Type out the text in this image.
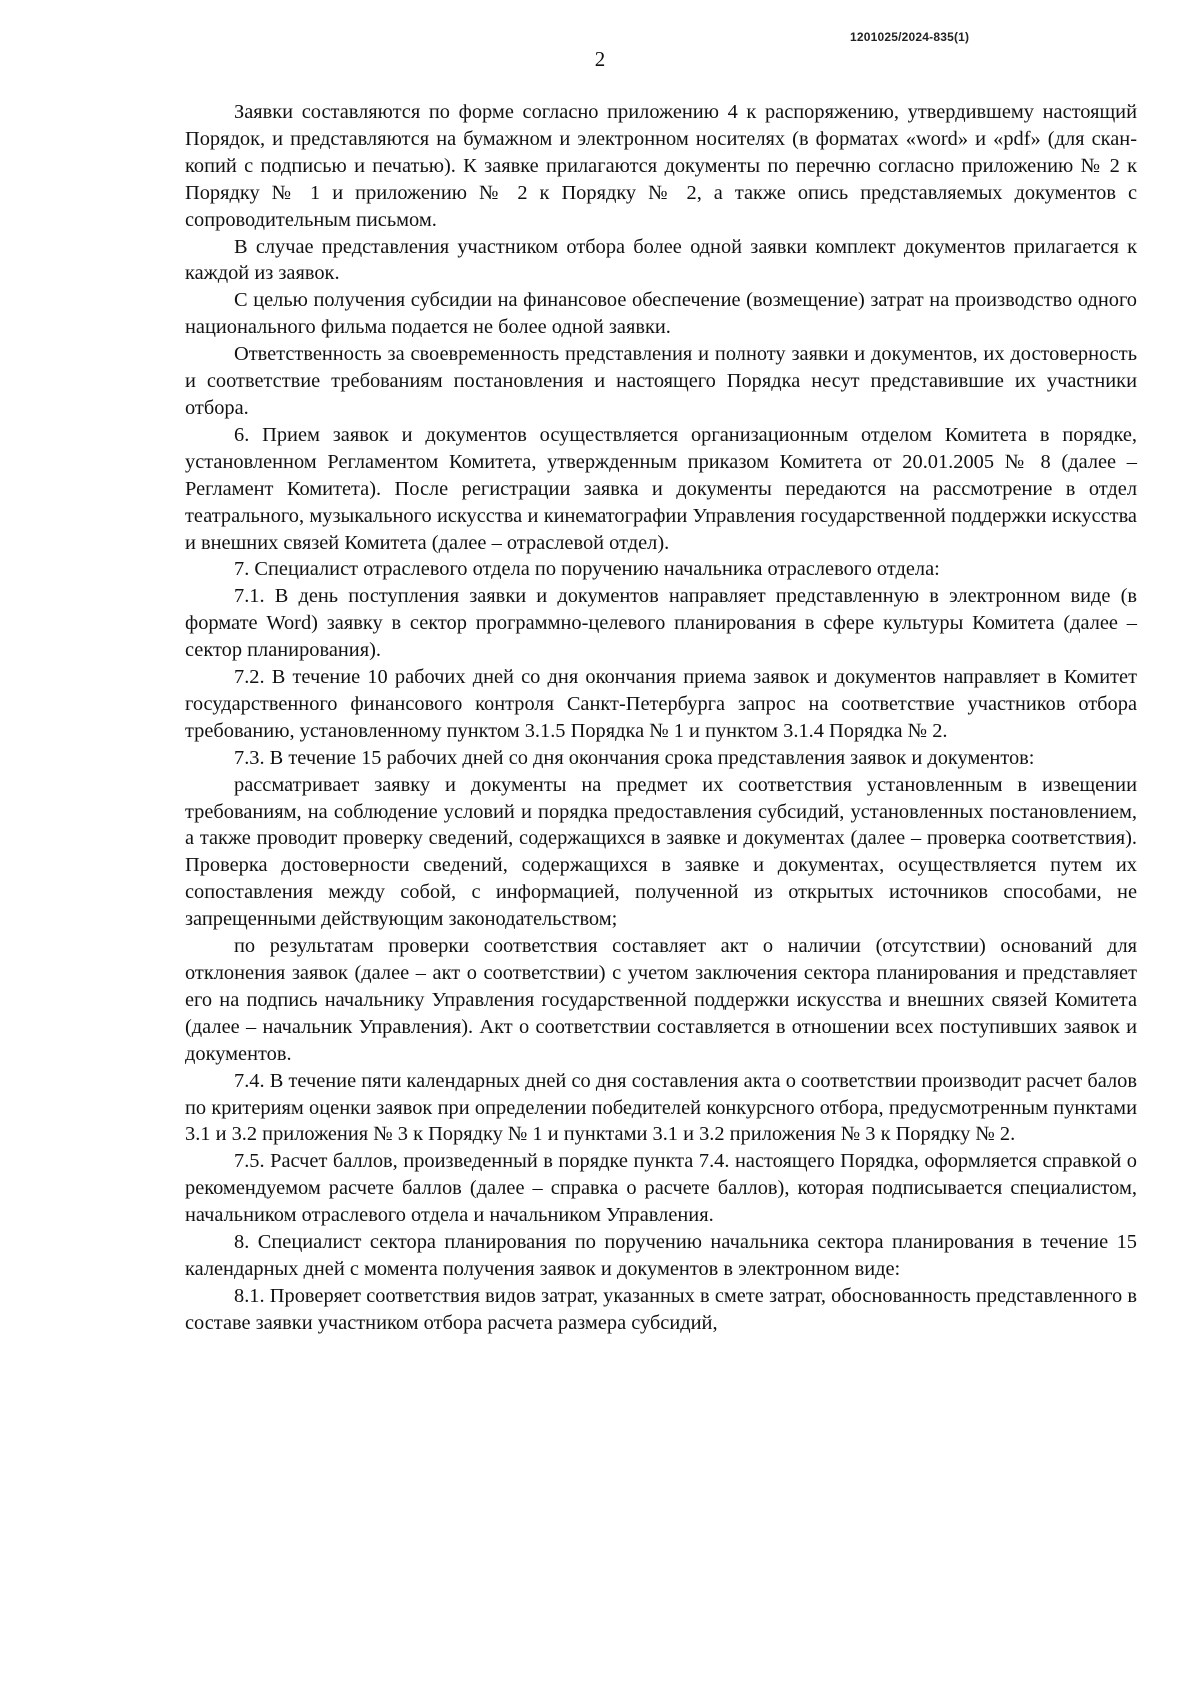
1201025/2024-835(1)
2

Заявки составляются по форме согласно приложению 4 к распоряжению, утвердившему настоящий Порядок, и представляются на бумажном и электронном носителях (в форматах «word» и «pdf» (для скан-копий с подписью и печатью). К заявке прилагаются документы по перечню согласно приложению № 2 к Порядку № 1 и приложению № 2 к Порядку № 2, а также опись представляемых документов с сопроводительным письмом.

В случае представления участником отбора более одной заявки комплект документов прилагается к каждой из заявок.

С целью получения субсидии на финансовое обеспечение (возмещение) затрат на производство одного национального фильма подается не более одной заявки.

Ответственность за своевременность представления и полноту заявки и документов, их достоверность и соответствие требованиям постановления и настоящего Порядка несут представившие их участники отбора.

6. Прием заявок и документов осуществляется организационным отделом Комитета в порядке, установленном Регламентом Комитета, утвержденным приказом Комитета от 20.01.2005 № 8 (далее – Регламент Комитета). После регистрации заявка и документы передаются на рассмотрение в отдел театрального, музыкального искусства и кинематографии Управления государственной поддержки искусства и внешних связей Комитета (далее – отраслевой отдел).

7. Специалист отраслевого отдела по поручению начальника отраслевого отдела:

7.1. В день поступления заявки и документов направляет представленную в электронном виде (в формате Word) заявку в сектор программно-целевого планирования в сфере культуры Комитета (далее – сектор планирования).

7.2. В течение 10 рабочих дней со дня окончания приема заявок и документов направляет в Комитет государственного финансового контроля Санкт-Петербурга запрос на соответствие участников отбора требованию, установленному пунктом 3.1.5 Порядка № 1 и пунктом 3.1.4 Порядка № 2.

7.3. В течение 15 рабочих дней со дня окончания срока представления заявок и документов:

рассматривает заявку и документы на предмет их соответствия установленным в извещении требованиям, на соблюдение условий и порядка предоставления субсидий, установленных постановлением, а также проводит проверку сведений, содержащихся в заявке и документах (далее – проверка соответствия). Проверка достоверности сведений, содержащихся в заявке и документах, осуществляется путем их сопоставления между собой, с информацией, полученной из открытых источников способами, не запрещенными действующим законодательством;

по результатам проверки соответствия составляет акт о наличии (отсутствии) оснований для отклонения заявок (далее – акт о соответствии) с учетом заключения сектора планирования и представляет его на подпись начальнику Управления государственной поддержки искусства и внешних связей Комитета (далее – начальник Управления). Акт о соответствии составляется в отношении всех поступивших заявок и документов.

7.4. В течение пяти календарных дней со дня составления акта о соответствии производит расчет балов по критериям оценки заявок при определении победителей конкурсного отбора, предусмотренным пунктами 3.1 и 3.2 приложения № 3 к Порядку № 1 и пунктами 3.1 и 3.2 приложения № 3 к Порядку № 2.

7.5. Расчет баллов, произведенный в порядке пункта 7.4. настоящего Порядка, оформляется справкой о рекомендуемом расчете баллов (далее – справка о расчете баллов), которая подписывается специалистом, начальником отраслевого отдела и начальником Управления.

8. Специалист сектора планирования по поручению начальника сектора планирования в течение 15 календарных дней с момента получения заявок и документов в электронном виде:

8.1. Проверяет соответствия видов затрат, указанных в смете затрат, обоснованность представленного в составе заявки участником отбора расчета размера субсидий,
